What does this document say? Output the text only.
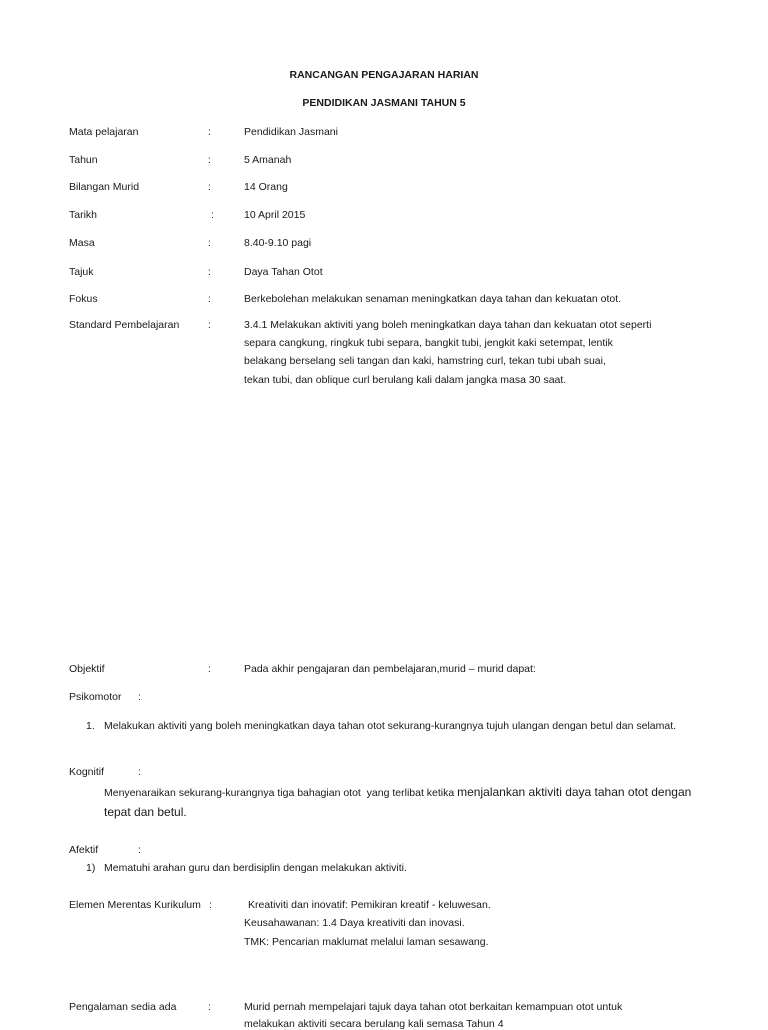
RANCANGAN PENGAJARAN HARIAN
PENDIDIKAN JASMANI TAHUN 5
Mata pelajaran	:	Pendidikan Jasmani
Tahun	:	5 Amanah
Bilangan Murid	:	14 Orang
Tarikh	:	10 April 2015
Masa	:	8.40-9.10 pagi
Tajuk	:	Daya Tahan Otot
Fokus	:	Berkebolehan melakukan senaman meningkatkan daya tahan dan kekuatan otot.
Standard Pembelajaran	:	3.4.1 Melakukan aktiviti yang boleh meningkatkan daya tahan dan kekuatan otot seperti
separa cangkung, ringkuk tubi separa, bangkit tubi, jengkit kaki setempat, lentik
belakang berselang seli tangan dan kaki, hamstring curl, tekan tubi ubah suai,
tekan tubi, dan oblique curl berulang kali dalam jangka masa 30 saat.
Objektif	:	Pada akhir pengajaran dan pembelajaran,murid – murid dapat:
Psikomotor :
1. Melakukan aktiviti yang boleh meningkatkan daya tahan otot sekurang-kurangnya tujuh ulangan dengan betul dan selamat.
Kognitif	:
Menyenaraikan sekurang-kurangnya tiga bahagian otot  yang terlibat ketika menjalankan aktiviti daya tahan otot dengan
tepat dan betul.
Afektif	:
1) Mematuhi arahan guru dan berdisiplin dengan melakukan aktiviti.
Elemen Merentas Kurikulum :	Kreativiti dan inovatif: Pemikiran kreatif - keluwesan.
Keusahawanan: 1.4 Daya kreativiti dan inovasi.
TMK: Pencarian maklumat melalui laman sesawang.
Pengalaman sedia ada	:	Murid pernah mempelajari tajuk daya tahan otot berkaitan kemampuan otot untuk
melakukan aktiviti secara berulang kali semasa Tahun 4
